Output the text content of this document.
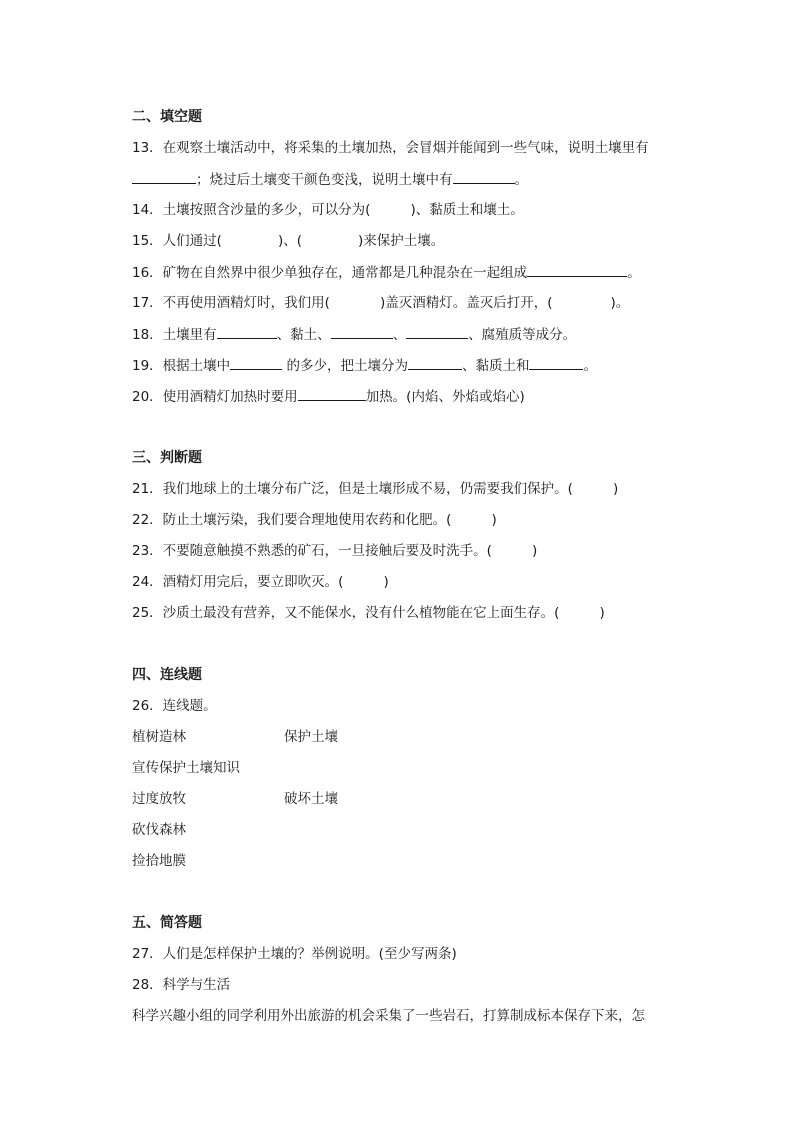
二、填空题
13．在观察土壤活动中，将采集的土壤加热，会冒烟并能闻到一些气味，说明土壤里有
；烧过后土壤变干颜色变浅，说明土壤中有	。
14．土壤按照含沙量的多少，可以分为(	)、黏质土和壤土。
15．人们通过(	)、(	)来保护土壤。
16．矿物在自然界中很少单独存在，通常都是几种混杂在一起组成	。
17．不再使用酒精灯时，我们用(	)盖灭酒精灯。盖灭后打开，(	)。
18．土壤里有	、黏土、	、	、腐殖质等成分。
19．根据土壤中	的多少，把土壤分为	、黏质土和	。
20．使用酒精灯加热时要用	加热。(内焰、外焰或焰心)
三、判断题
21．我们地球上的土壤分布广泛，但是土壤形成不易，仍需要我们保护。(	)
22．防止土壤污染，我们要合理地使用农药和化肥。(	)
23．不要随意触摸不熟悉的矿石，一旦接触后要及时洗手。(	)
24．酒精灯用完后，要立即吹灭。(	)
25．沙质土最没有营养，又不能保水，没有什么植物能在它上面生存。(	)
四、连线题
26．连线题。
植树造林	保护土壤
宣传保护土壤知识
过度放牧	破坏土壤
砍伐森林
捡拾地膜
五、简答题
27．人们是怎样保护土壤的？举例说明。(至少写两条)
28．科学与生活
科学兴趣小组的同学利用外出旅游的机会采集了一些岩石，打算制成标本保存下来，怎
